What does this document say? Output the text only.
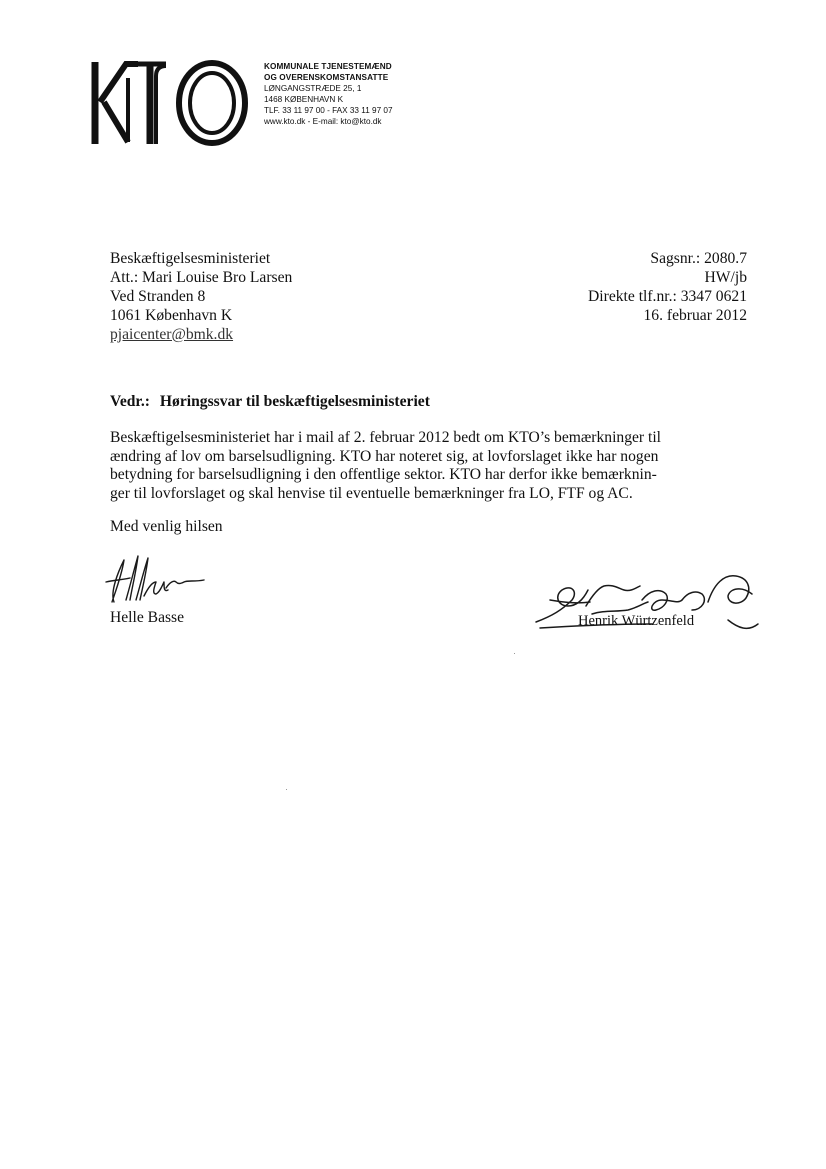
KOMMUNALE TJENESTEMÆND
OG OVERENSKOMSTANSATTE
LØNGANGSTRÆDE 25, 1
1468 KØBENHAVN K
TLF. 33 11 97 00 - FAX 33 11 97 07
www.kto.dk - E-mail: kto@kto.dk
Beskæftigelsesministeriet
Att.: Mari Louise Bro Larsen
Ved Stranden 8
1061 København K
pjaicenter@bmk.dk
Sagsnr.: 2080.7
HW/jb
Direkte tlf.nr.: 3347 0621
16. februar 2012
Vedr.: Høringssvar til beskæftigelsesministeriet
Beskæftigelsesministeriet har i mail af 2. februar 2012 bedt om KTO’s bemærkninger til
ændring af lov om barselsudligning. KTO har noteret sig, at lovforslaget ikke har nogen
betydning for barselsudligning i den offentlige sektor. KTO har derfor ikke bemærknin-
ger til lovforslaget og skal henvise til eventuelle bemærkninger fra LO, FTF og AC.
Med venlig hilsen
Helle Basse	Henrik Würtzenfeld
